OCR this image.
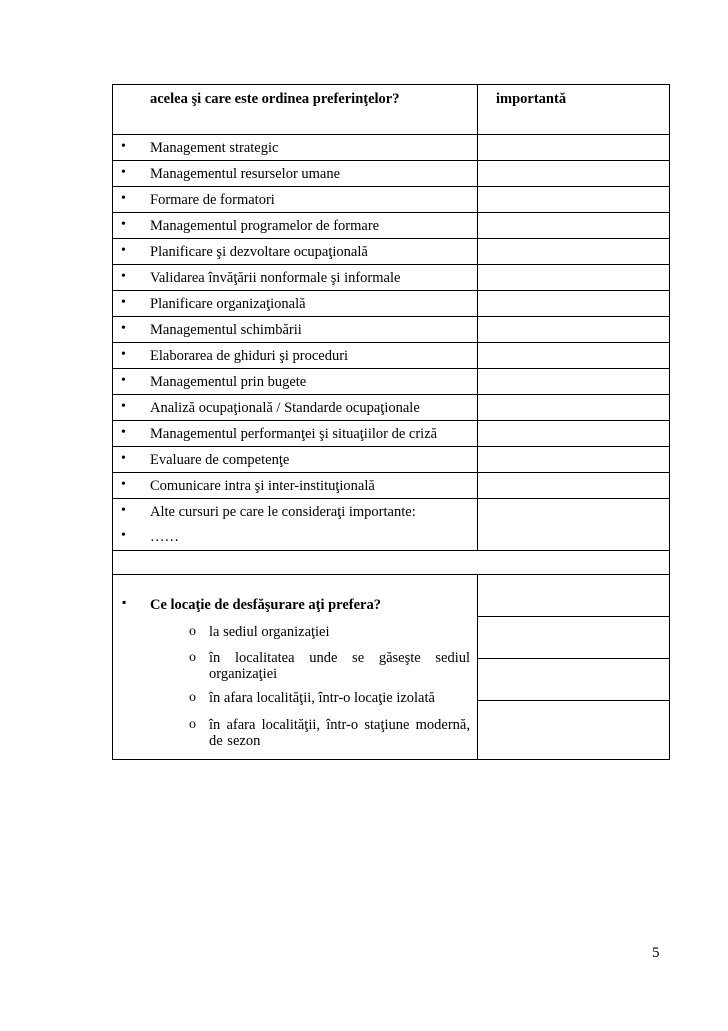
acelea şi care este ordinea preferinţelor?	importantă
• Management strategic
• Managementul resurselor umane
• Formare de formatori
• Managementul programelor de formare
• Planificare şi dezvoltare ocupaţională
• Validarea învăţării nonformale şi informale
• Planificare organizaţională
• Managementul schimbării
• Elaborarea de ghiduri şi proceduri
• Managementul prin bugete
• Analiză ocupaţională / Standarde ocupaţionale
• Managementul performanţei şi situaţiilor de criză
• Evaluare de competenţe
• Comunicare intra şi inter-instituţională
• Alte cursuri pe care le consideraţi importante:
• ……
▪ Ce locaţie de desfăşurare aţi prefera?
o la sediul organizaţiei
o în localitatea unde se găseşte sediul organizaţiei
o în afara localităţii, într-o locaţie izolată
o în afara localităţii, într-o staţiune modernă, de sezon
5
